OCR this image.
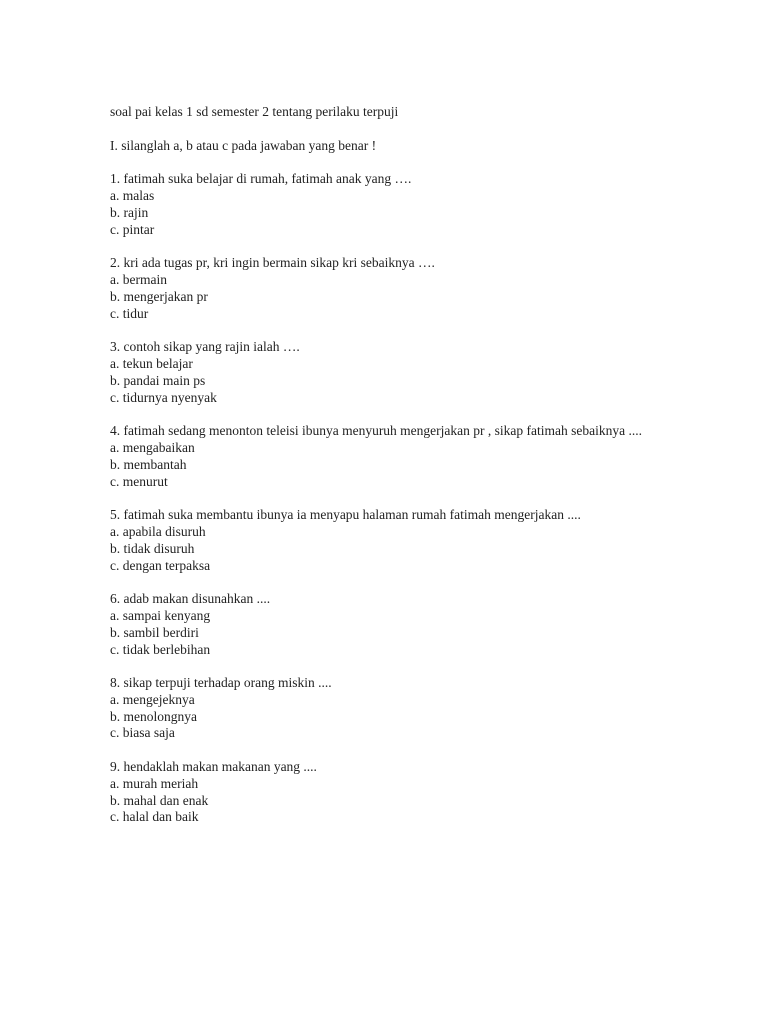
soal pai kelas 1 sd semester 2 tentang perilaku terpuji
I. silanglah a, b atau c pada jawaban yang benar !
1. fatimah suka belajar di rumah, fatimah anak yang ….
a. malas
b. rajin
c. pintar
2. kri ada tugas pr, kri ingin bermain sikap kri sebaiknya ….
a. bermain
b. mengerjakan pr
c. tidur
3. contoh sikap yang rajin ialah ….
a. tekun belajar
b. pandai main ps
c. tidurnya nyenyak
4. fatimah sedang menonton teleisi ibunya menyuruh mengerjakan pr , sikap fatimah sebaiknya ....
a. mengabaikan
b. membantah
c. menurut
5. fatimah suka membantu ibunya ia menyapu halaman rumah fatimah mengerjakan ....
a. apabila disuruh
b. tidak disuruh
c. dengan terpaksa
6. adab makan disunahkan ....
a. sampai kenyang
b. sambil berdiri
c. tidak berlebihan
8. sikap terpuji terhadap orang miskin ....
a. mengejeknya
b. menolongnya
c. biasa saja
9. hendaklah makan makanan yang ....
a. murah meriah
b. mahal dan enak
c. halal dan baik
